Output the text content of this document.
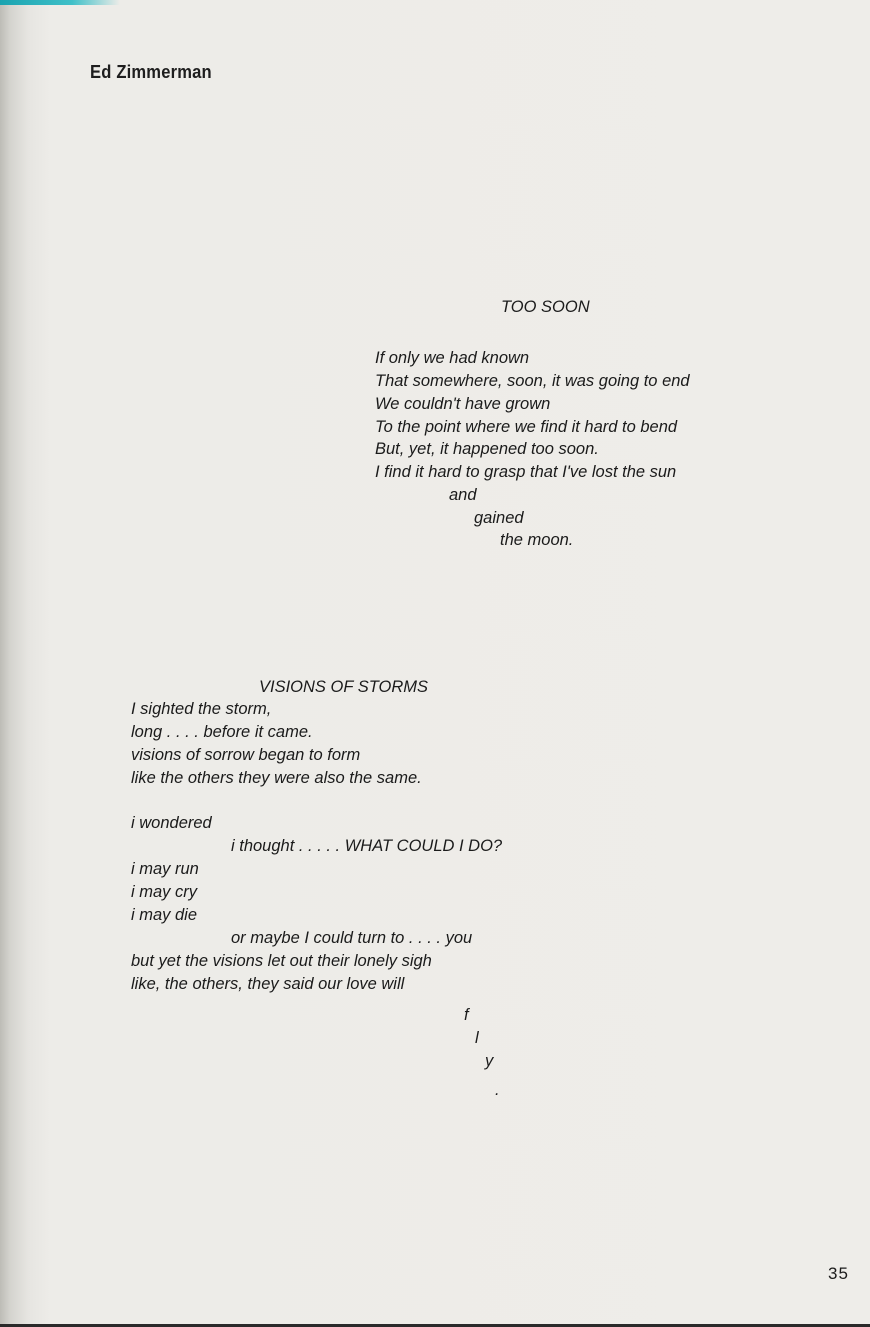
Ed Zimmerman
TOO SOON
If only we had known
That somewhere, soon, it was going to end
We couldn't have grown
To the point where we find it hard to bend
But, yet, it happened too soon.
I find it hard to grasp that I've lost the sun
and
gained
the moon.
VISIONS OF STORMS
I sighted the storm,
long . . . . before it came.
visions of sorrow began to form
like the others they were also the same.
i wondered
i thought . . . . . WHAT COULD I DO?
i may run
i may cry
i may die
or maybe I could turn to . . . . you
but yet the visions let out their lonely sigh
like, the others, they said our love will
f
l
y
.
35
